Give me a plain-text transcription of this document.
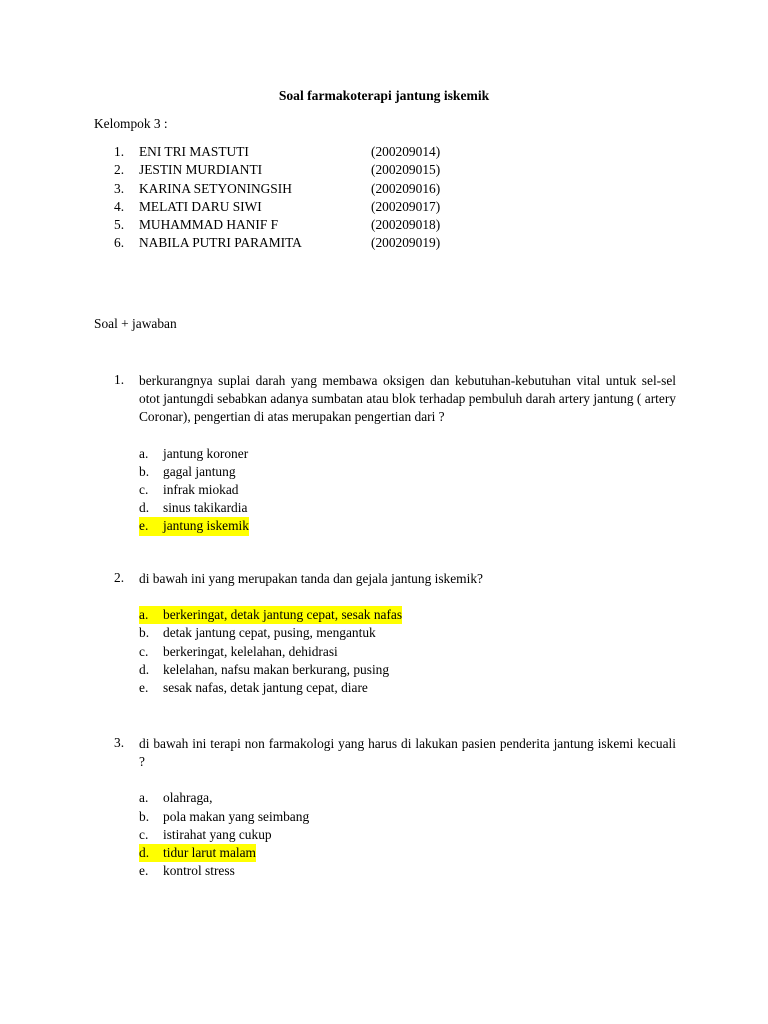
Soal farmakoterapi jantung iskemik
Kelompok 3 :
1.	ENI TRI MASTUTI	(200209014)
2.	JESTIN MURDIANTI	(200209015)
3.	KARINA SETYONINGSIH	(200209016)
4.	MELATI DARU SIWI	(200209017)
5.	MUHAMMAD HANIF F	(200209018)
6.	NABILA PUTRI PARAMITA	(200209019)
Soal + jawaban
1.	berkurangnya suplai darah yang membawa oksigen dan kebutuhan-kebutuhan vital untuk sel-sel otot jantungdi sebabkan adanya sumbatan atau blok terhadap pembuluh darah artery jantung ( artery Coronar), pengertian di atas merupakan pengertian dari ?
a.	jantung koroner
b.	gagal jantung
c.	infrak miokad
d.	sinus takikardia
e.	jantung iskemik
2.	di bawah ini yang merupakan tanda dan gejala jantung iskemik?
a.	berkeringat, detak jantung cepat, sesak nafas
b.	detak jantung cepat, pusing, mengantuk
c.	berkeringat, kelelahan, dehidrasi
d.	kelelahan, nafsu makan berkurang, pusing
e.	sesak nafas, detak jantung cepat, diare
3.	di bawah ini terapi non farmakologi yang harus di lakukan pasien penderita jantung iskemi kecuali ?
a.	olahraga,
b.	pola makan yang seimbang
c.	istirahat yang cukup
d.	tidur larut malam
e.	kontrol stress
